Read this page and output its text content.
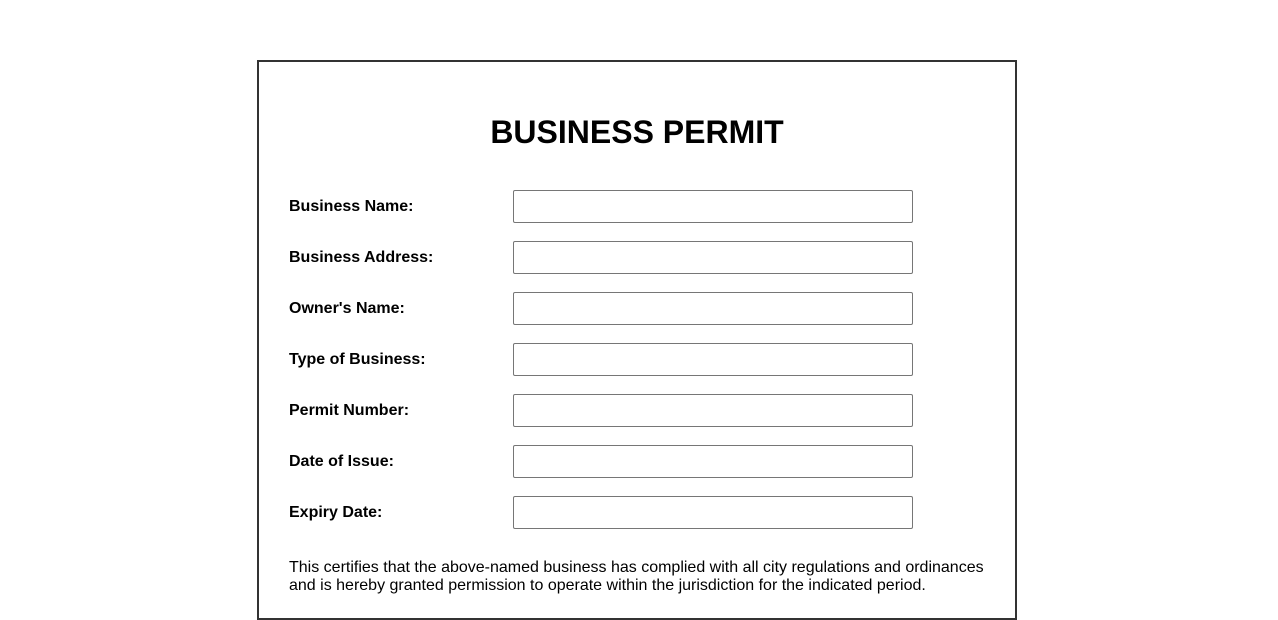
BUSINESS PERMIT
Business Name:
Business Address:
Owner's Name:
Type of Business:
Permit Number:
Date of Issue:
Expiry Date:

This certifies that the above-named business has complied with all city regulations and ordinances and is hereby granted permission to operate within the jurisdiction for the indicated period.
